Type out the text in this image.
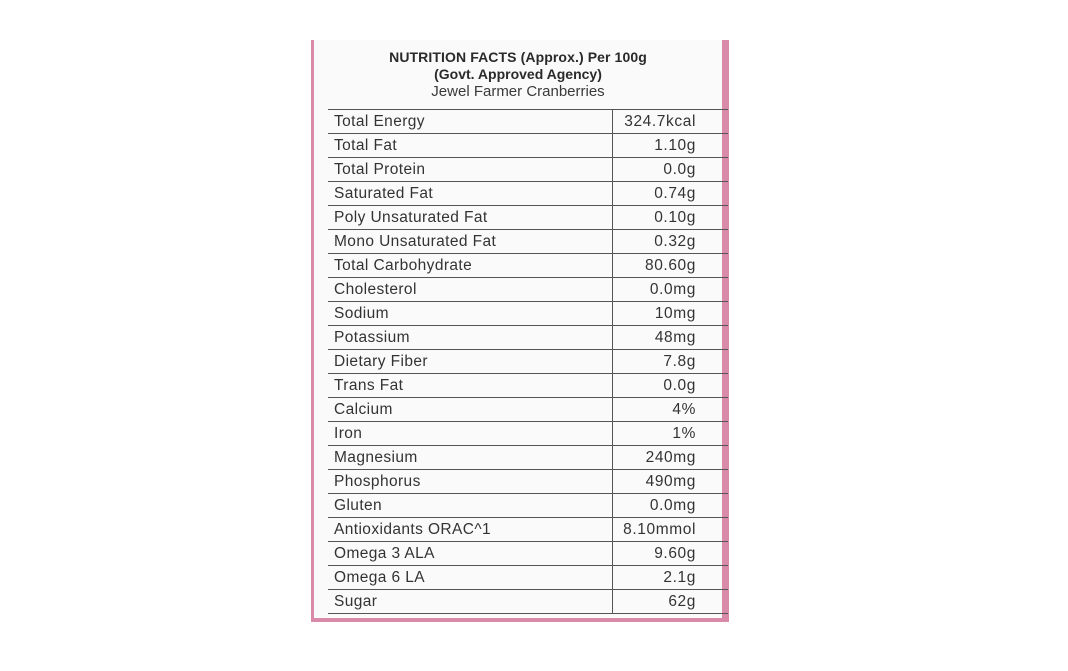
NUTRITION FACTS (Approx.) Per 100g
(Govt. Approved Agency)
Jewel Farmer Cranberries
Total Energy	324.7kcal
Total Fat	1.10g
Total Protein	0.0g
Saturated Fat	0.74g
Poly Unsaturated Fat	0.10g
Mono Unsaturated Fat	0.32g
Total Carbohydrate	80.60g
Cholesterol	0.0mg
Sodium	10mg
Potassium	48mg
Dietary Fiber	7.8g
Trans Fat	0.0g
Calcium	4%
Iron	1%
Magnesium	240mg
Phosphorus	490mg
Gluten	0.0mg
Antioxidants ORAC^1	8.10mmol
Omega 3 ALA	9.60g
Omega 6 LA	2.1g
Sugar	62g
